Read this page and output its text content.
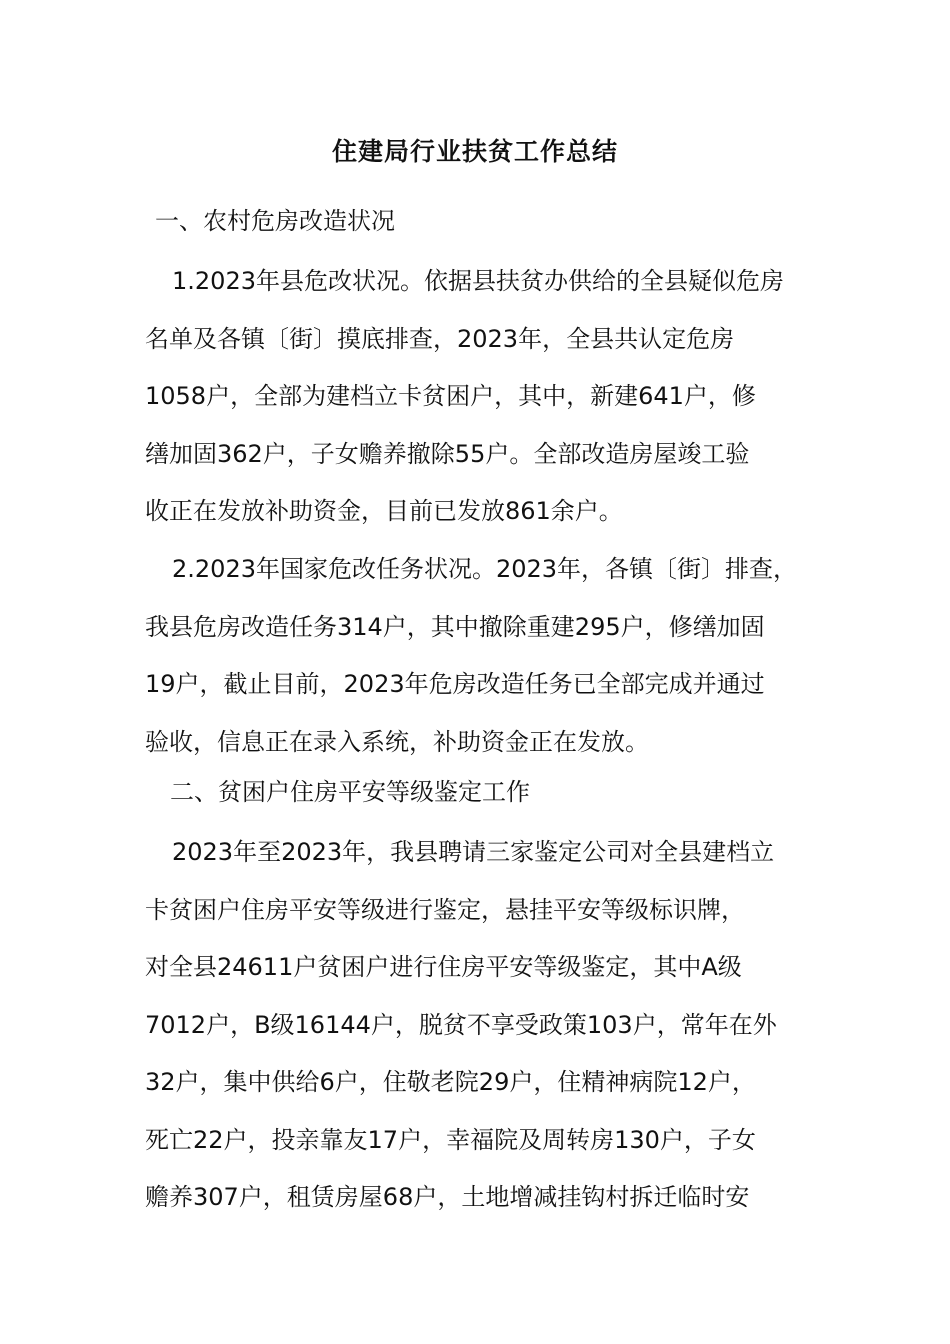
住建局行业扶贫工作总结
一、农村危房改造状况
1.2023年县危改状况。依据县扶贫办供给的全县疑似危房
名单及各镇〔街〕摸底排查，2023年，全县共认定危房
1058户，全部为建档立卡贫困户，其中，新建641户，修
缮加固362户，子女赡养撤除55户。全部改造房屋竣工验
收正在发放补助资金，目前已发放861余户。
2.2023年国家危改任务状况。2023年，各镇〔街〕排查，
我县危房改造任务314户，其中撤除重建295户，修缮加固
19户，截止目前，2023年危房改造任务已全部完成并通过
验收，信息正在录入系统，补助资金正在发放。
二、贫困户住房平安等级鉴定工作
2023年至2023年，我县聘请三家鉴定公司对全县建档立
卡贫困户住房平安等级进行鉴定，悬挂平安等级标识牌，
对全县24611户贫困户进行住房平安等级鉴定，其中A级
7012户，B级16144户，脱贫不享受政策103户，常年在外
32户，集中供给6户，住敬老院29户，住精神病院12户，
死亡22户，投亲靠友17户，幸福院及周转房130户，子女
赡养307户，租赁房屋68户，土地增减挂钩村拆迁临时安
